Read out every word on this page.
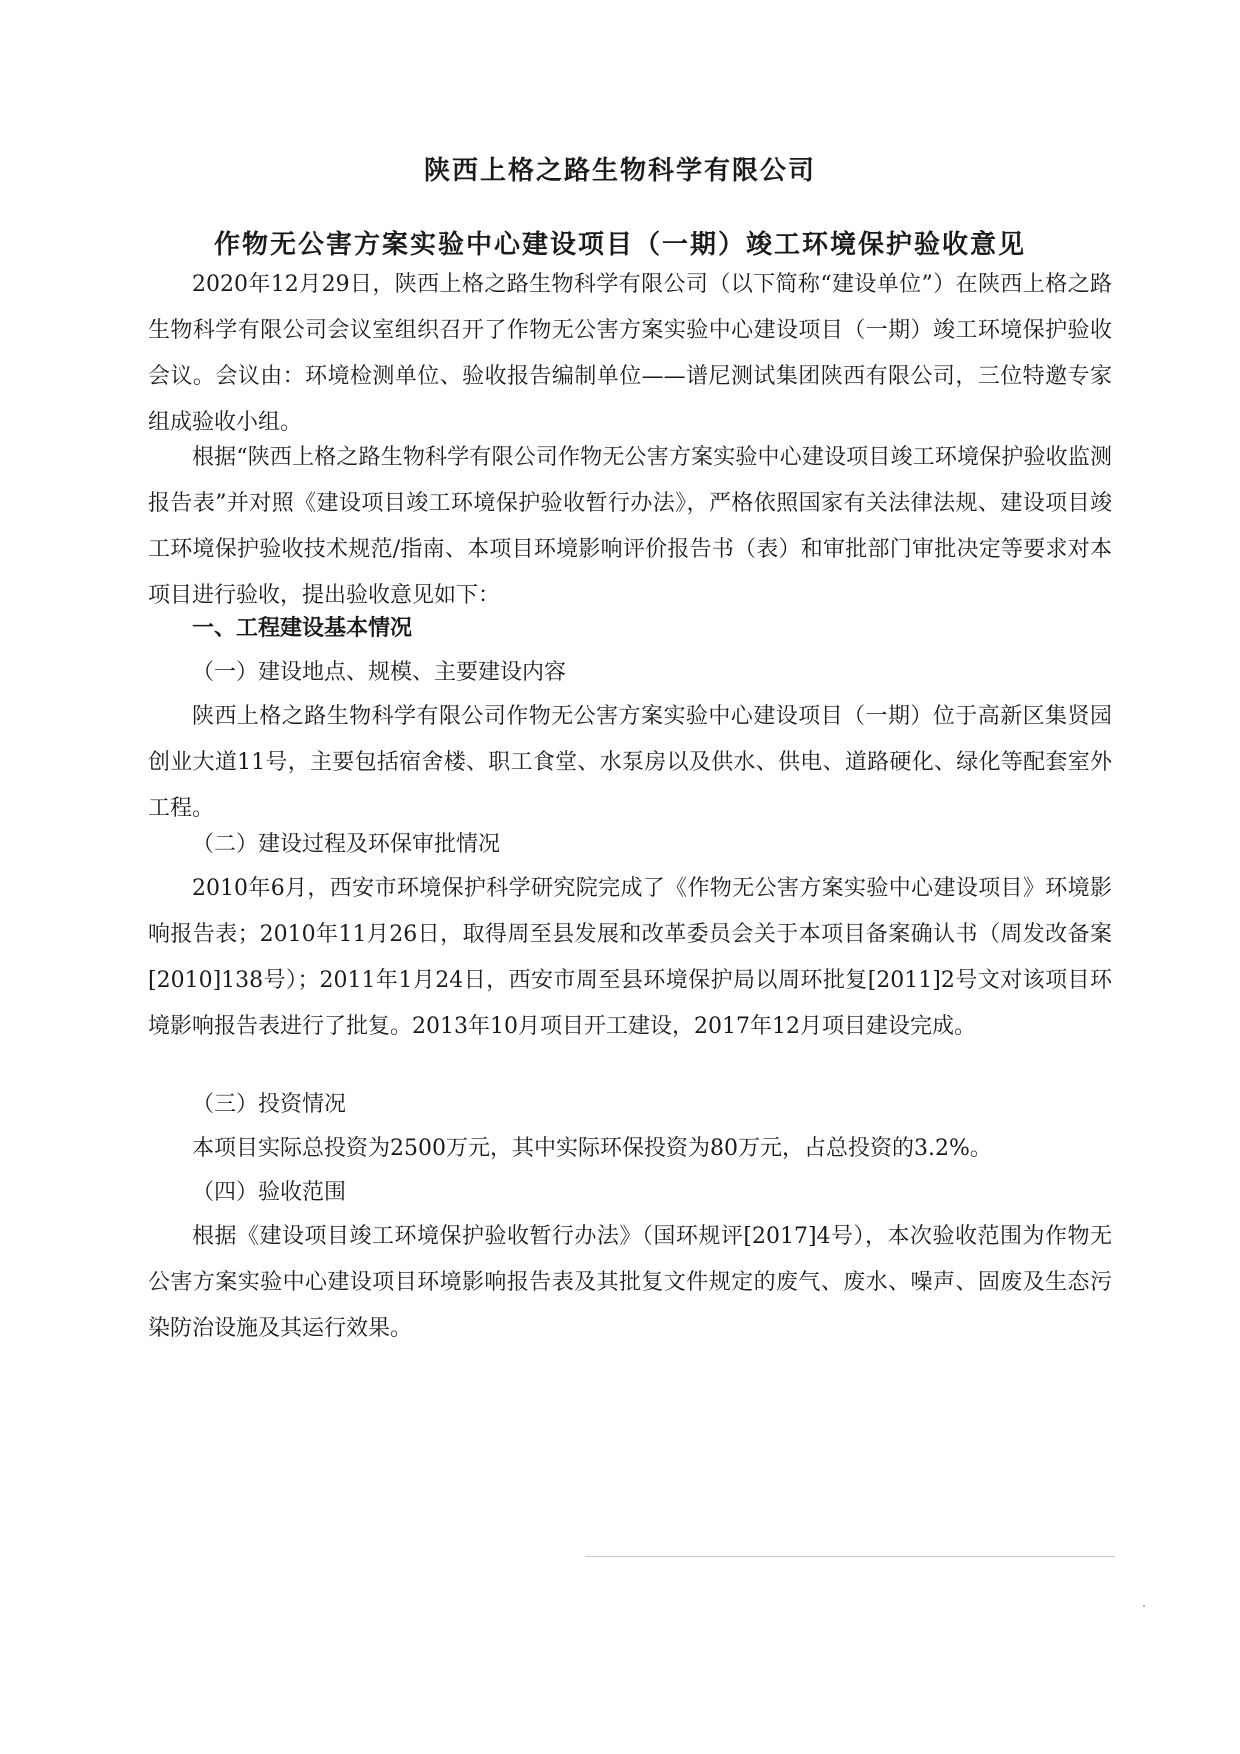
陕西上格之路生物科学有限公司
作物无公害方案实验中心建设项目（一期）竣工环境保护验收意见

2020年12月29日，陕西上格之路生物科学有限公司（以下简称“建设单位”）在陕西上格之路生物科学有限公司会议室组织召开了作物无公害方案实验中心建设项目（一期）竣工环境保护验收会议。会议由：环境检测单位、验收报告编制单位——谱尼测试集团陕西有限公司，三位特邀专家组成验收小组。

根据“陕西上格之路生物科学有限公司作物无公害方案实验中心建设项目竣工环境保护验收监测报告表”并对照《建设项目竣工环境保护验收暂行办法》，严格依照国家有关法律法规、建设项目竣工环境保护验收技术规范/指南、本项目环境影响评价报告书（表）和审批部门审批决定等要求对本项目进行验收，提出验收意见如下：

一、工程建设基本情况

（一）建设地点、规模、主要建设内容

陕西上格之路生物科学有限公司作物无公害方案实验中心建设项目（一期）位于高新区集贤园创业大道11号，主要包括宿舍楼、职工食堂、水泵房以及供水、供电、道路硬化、绿化等配套室外工程。

（二）建设过程及环保审批情况

2010年6月，西安市环境保护科学研究院完成了《作物无公害方案实验中心建设项目》环境影响报告表；2010年11月26日，取得周至县发展和改革委员会关于本项目备案确认书（周发改备案[2010]138号）；2011年1月24日，西安市周至县环境保护局以周环批复[2011]2号文对该项目环境影响报告表进行了批复。2013年10月项目开工建设，2017年12月项目建设完成。

（三）投资情况

本项目实际总投资为2500万元，其中实际环保投资为80万元，占总投资的3.2%。

（四）验收范围

根据《建设项目竣工环境保护验收暂行办法》（国环规评[2017]4号），本次验收范围为作物无公害方案实验中心建设项目环境影响报告表及其批复文件规定的废气、废水、噪声、固废及生态污染防治设施及其运行效果。
